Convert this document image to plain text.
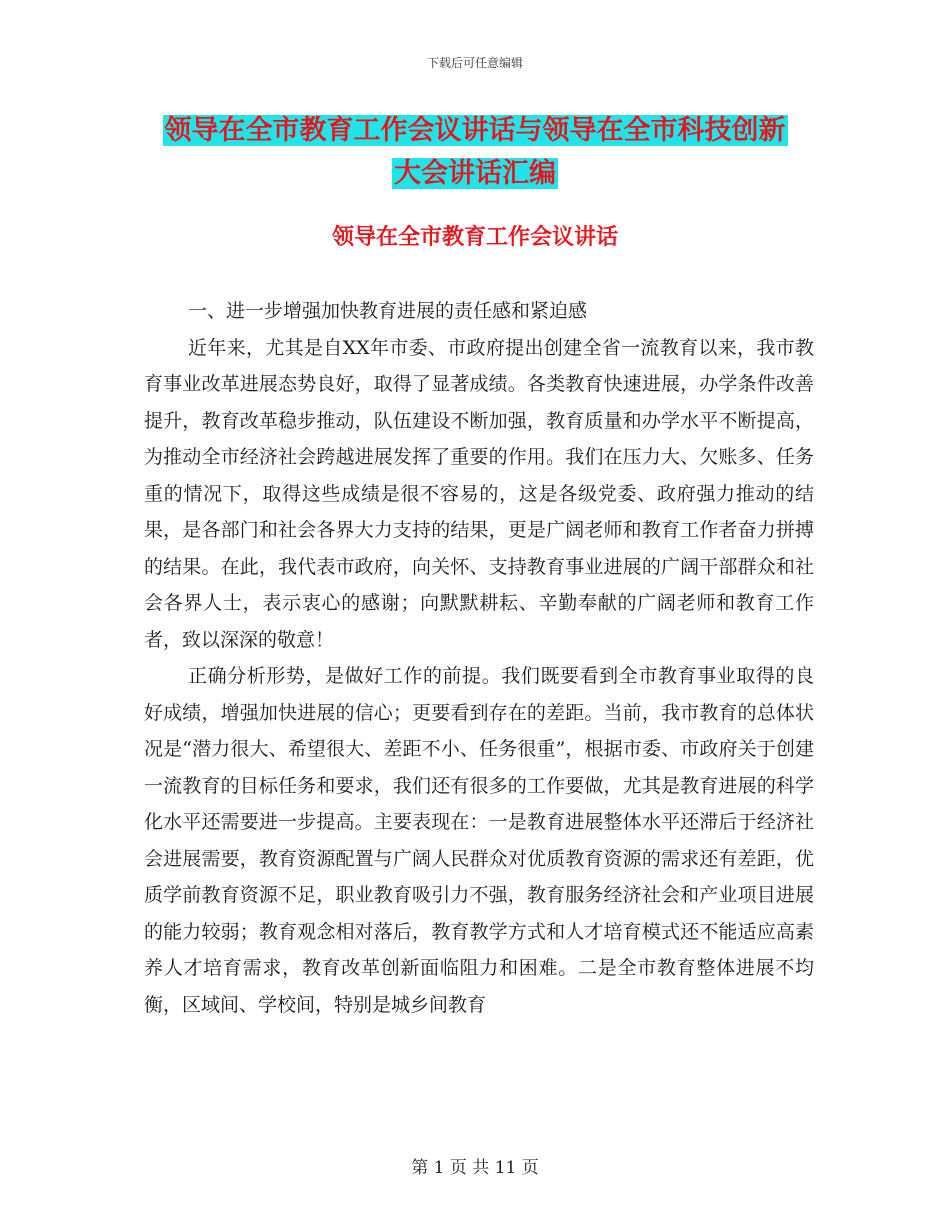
下载后可任意编辑
领导在全市教育工作会议讲话与领导在全市科技创新
大会讲话汇编
领导在全市教育工作会议讲话
一、进一步增强加快教育进展的责任感和紧迫感

近年来，尤其是自XX年市委、市政府提出创建全省一流教育以来，我市教育事业改革进展态势良好，取得了显著成绩。各类教育快速进展，办学条件改善提升，教育改革稳步推动，队伍建设不断加强，教育质量和办学水平不断提高，为推动全市经济社会跨越进展发挥了重要的作用。我们在压力大、欠账多、任务重的情况下，取得这些成绩是很不容易的，这是各级党委、政府强力推动的结果，是各部门和社会各界大力支持的结果，更是广阔老师和教育工作者奋力拼搏的结果。在此，我代表市政府，向关怀、支持教育事业进展的广阔干部群众和社会各界人士，表示衷心的感谢；向默默耕耘、辛勤奉献的广阔老师和教育工作者，致以深深的敬意！

正确分析形势，是做好工作的前提。我们既要看到全市教育事业取得的良好成绩，增强加快进展的信心；更要看到存在的差距。当前，我市教育的总体状况是“潜力很大、希望很大、差距不小、任务很重”，根据市委、市政府关于创建一流教育的目标任务和要求，我们还有很多的工作要做，尤其是教育进展的科学化水平还需要进一步提高。主要表现在：一是教育进展整体水平还滞后于经济社会进展需要，教育资源配置与广阔人民群众对优质教育资源的需求还有差距，优质学前教育资源不足，职业教育吸引力不强，教育服务经济社会和产业项目进展的能力较弱；教育观念相对落后，教育教学方式和人才培育模式还不能适应高素养人才培育需求，教育改革创新面临阻力和困难。二是全市教育整体进展不均衡，区域间、学校间，特别是城乡间教育

第 1 页 共 11 页
